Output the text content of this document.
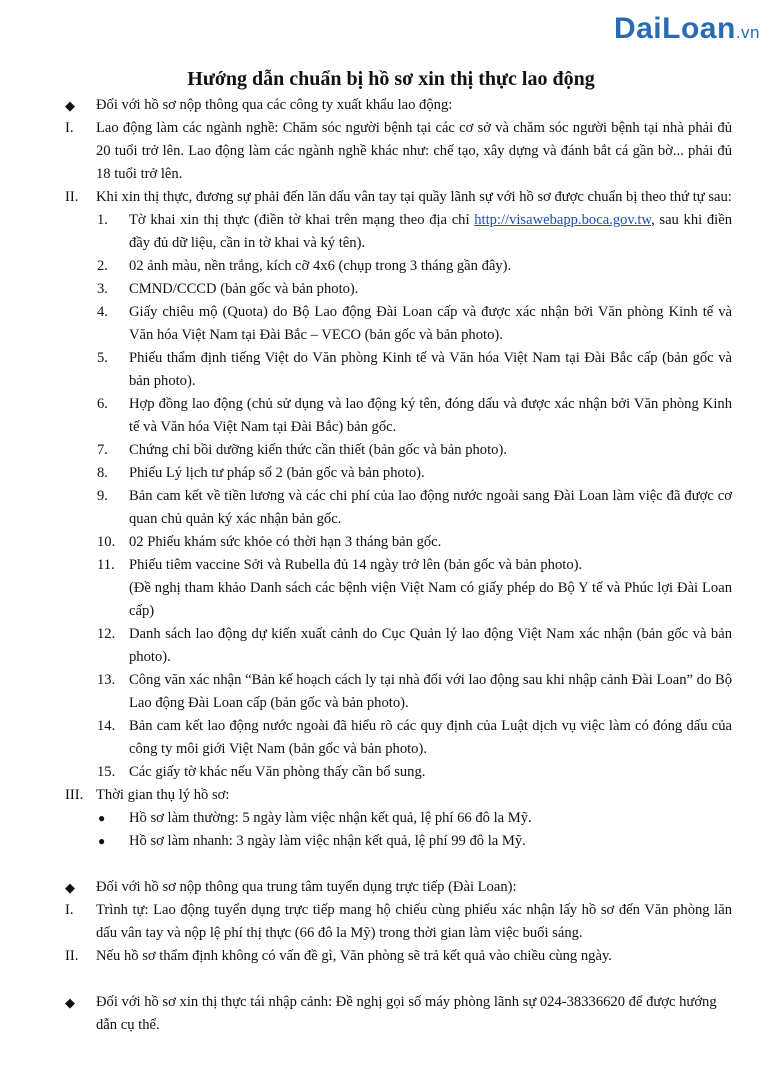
DaiLoan.vn
Hướng dẫn chuẩn bị hồ sơ xin thị thực lao động
◆ Đối với hồ sơ nộp thông qua các công ty xuất khẩu lao động:
I. Lao động làm các ngành nghề: Chăm sóc người bệnh tại các cơ sở và chăm sóc người bệnh tại nhà phải đủ 20 tuổi trở lên. Lao động làm các ngành nghề khác như: chế tạo, xây dựng và đánh bắt cá gần bờ... phải đủ 18 tuổi trở lên.
II. Khi xin thị thực, đương sự phải đến lăn dấu vân tay tại quầy lãnh sự với hồ sơ được chuẩn bị theo thứ tự sau:
1. Tờ khai xin thị thực (điền tờ khai trên mạng theo địa chỉ http://visawebapp.boca.gov.tw, sau khi điền đầy đủ dữ liệu, cần in tờ khai và ký tên).
2. 02 ảnh màu, nền trắng, kích cỡ 4x6 (chụp trong 3 tháng gần đây).
3. CMND/CCCD (bản gốc và bản photo).
4. Giấy chiêu mộ (Quota) do Bộ Lao động Đài Loan cấp và được xác nhận bởi Văn phòng Kinh tế và Văn hóa Việt Nam tại Đài Bắc – VECO (bản gốc và bản photo).
5. Phiếu thẩm định tiếng Việt do Văn phòng Kinh tế và Văn hóa Việt Nam tại Đài Bắc cấp (bản gốc và bản photo).
6. Hợp đồng lao động (chủ sử dụng và lao động ký tên, đóng dấu và được xác nhận bởi Văn phòng Kinh tế và Văn hóa Việt Nam tại Đài Bắc) bản gốc.
7. Chứng chỉ bồi dưỡng kiến thức cần thiết (bản gốc và bản photo).
8. Phiếu Lý lịch tư pháp số 2 (bản gốc và bản photo).
9. Bản cam kết về tiền lương và các chi phí của lao động nước ngoài sang Đài Loan làm việc đã được cơ quan chủ quản ký xác nhận bản gốc.
10. 02 Phiếu khám sức khỏe có thời hạn 3 tháng bản gốc.
11. Phiếu tiêm vaccine Sởi và Rubella đủ 14 ngày trở lên (bản gốc và bản photo).
(Đề nghị tham khảo Danh sách các bệnh viện Việt Nam có giấy phép do Bộ Y tế và Phúc lợi Đài Loan cấp)
12. Danh sách lao động dự kiến xuất cảnh do Cục Quản lý lao động Việt Nam xác nhận (bản gốc và bản photo).
13. Công văn xác nhận “Bản kế hoạch cách ly tại nhà đối với lao động sau khi nhập cảnh Đài Loan” do Bộ Lao động Đài Loan cấp (bản gốc và bản photo).
14. Bản cam kết lao động nước ngoài đã hiểu rõ các quy định của Luật dịch vụ việc làm có đóng dấu của công ty môi giới Việt Nam (bản gốc và bản photo).
15. Các giấy tờ khác nếu Văn phòng thấy cần bổ sung.
III. Thời gian thụ lý hồ sơ:
● Hồ sơ làm thường: 5 ngày làm việc nhận kết quả, lệ phí 66 đô la Mỹ.
● Hồ sơ làm nhanh: 3 ngày làm việc nhận kết quả, lệ phí 99 đô la Mỹ.
◆ Đối với hồ sơ nộp thông qua trung tâm tuyển dụng trực tiếp (Đài Loan):
I. Trình tự: Lao động tuyển dụng trực tiếp mang hộ chiếu cùng phiếu xác nhận lấy hồ sơ đến Văn phòng lăn dấu vân tay và nộp lệ phí thị thực (66 đô la Mỹ) trong thời gian làm việc buổi sáng.
II. Nếu hồ sơ thẩm định không có vấn đề gì, Văn phòng sẽ trả kết quả vào chiều cùng ngày.
◆ Đối với hồ sơ xin thị thực tái nhập cảnh: Đề nghị gọi số máy phòng lãnh sự 024-38336620 để được hướng dẫn cụ thể.
